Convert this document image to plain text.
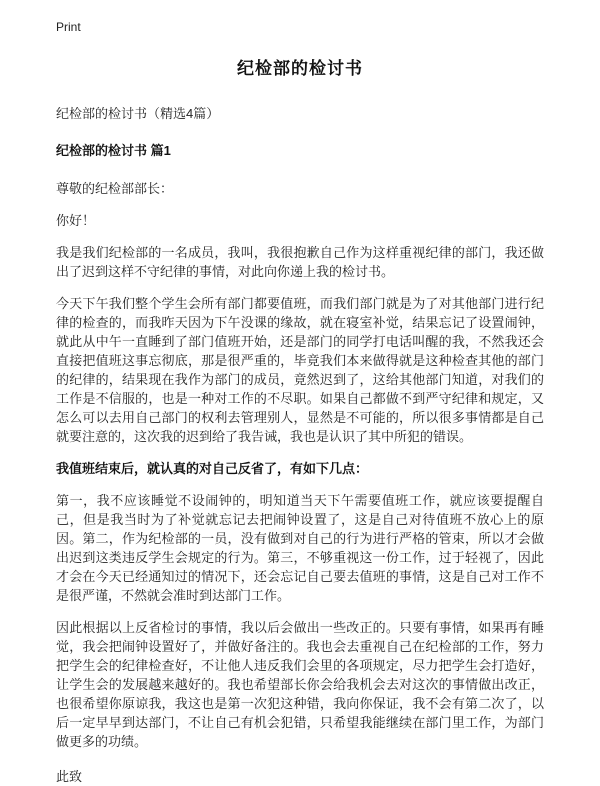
Print
纪检部的检讨书

纪检部的检讨书（精选4篇）

纪检部的检讨书 篇1

尊敬的纪检部部长：

你好！

我是我们纪检部的一名成员，我叫，我很抱歉自己作为这样重视纪律的部门，我还做出了迟到这样不守纪律的事情，对此向你递上我的检讨书。

今天下午我们整个学生会所有部门都要值班，而我们部门就是为了对其他部门进行纪律的检查的，而我昨天因为下午没课的缘故，就在寝室补觉，结果忘记了设置闹钟，就此从中午一直睡到了部门值班开始，还是部门的同学打电话叫醒的我，不然我还会直接把值班这事忘彻底，那是很严重的，毕竟我们本来做得就是这种检查其他的部门的纪律的，结果现在我作为部门的成员，竟然迟到了，这给其他部门知道，对我们的工作是不信服的，也是一种对工作的不尽职。如果自己都做不到严守纪律和规定，又怎么可以去用自己部门的权利去管理别人，显然是不可能的，所以很多事情都是自己就要注意的，这次我的迟到给了我告诫，我也是认识了其中所犯的错误。

我值班结束后，就认真的对自己反省了，有如下几点：

第一，我不应该睡觉不设闹钟的，明知道当天下午需要值班工作，就应该要提醒自己，但是我当时为了补觉就忘记去把闹钟设置了，这是自己对待值班不放心上的原因。第二，作为纪检部的一员，没有做到对自己的行为进行严格的管束，所以才会做出迟到这类违反学生会规定的行为。第三，不够重视这一份工作，过于轻视了，因此才会在今天已经通知过的情况下，还会忘记自己要去值班的事情，这是自己对工作不是很严谨，不然就会准时到达部门工作。

因此根据以上反省检讨的事情，我以后会做出一些改正的。只要有事情，如果再有睡觉，我会把闹钟设置好了，并做好备注的。我也会去重视自己在纪检部的工作，努力把学生会的纪律检查好，不让他人违反我们会里的各项规定，尽力把学生会打造好，让学生会的发展越来越好的。我也希望部长你会给我机会去对这次的事情做出改正，也很希望你原谅我，我这也是第一次犯这种错，我向你保证，我不会有第二次了，以后一定早早到达部门，不让自己有机会犯错，只希望我能继续在部门里工作，为部门做更多的功绩。

此致
